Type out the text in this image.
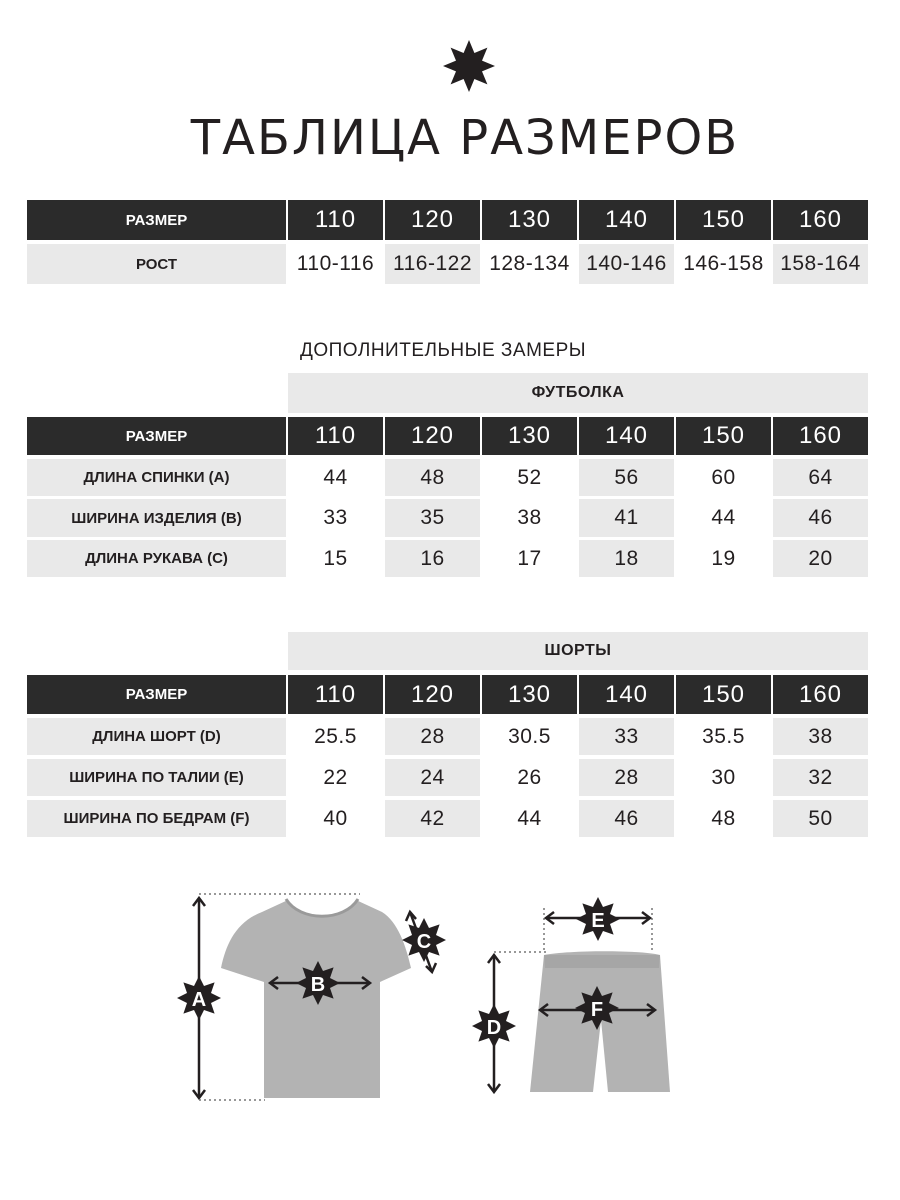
ТАБЛИЦА РАЗМЕРОВ
РАЗМЕР	110	120	130	140	150	160
РОСТ	110-116 116-122 128-134 140-146 146-158 158-164
ДОПОЛНИТЕЛЬНЫЕ ЗАМЕРЫ
ФУТБОЛКА
РАЗМЕР	110	120	130	140	150	160
ДЛИНА СПИНКИ (А)	44	48	52	56	60	64
ШИРИНА ИЗДЕЛИЯ (B)	33	35	38	41	44	46
ДЛИНА РУКАВА (С)	15	16	17	18	19	20
ШОРТЫ
РАЗМЕР	110	120	130	140	150	160
ДЛИНА ШОРТ (D)	25.5	28	30.5	33	35.5	38
ШИРИНА ПО ТАЛИИ (Е)	22	24	26	28	30	32
ШИРИНА ПО БЕДРАМ (F)	40	42	44	46	48	50
A
B
C
E
F
D
